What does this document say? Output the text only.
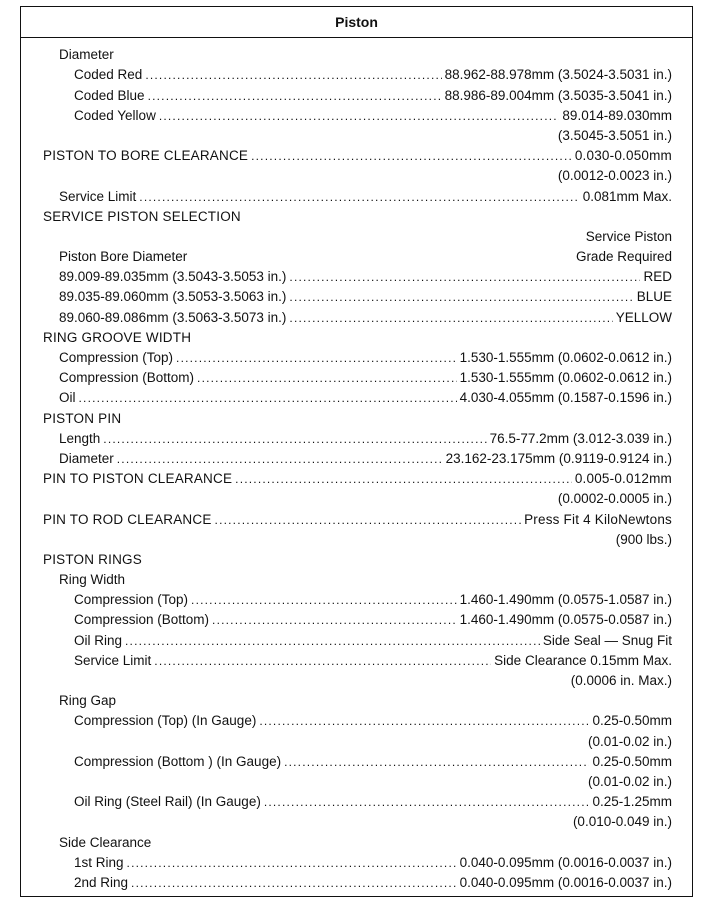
Piston
Diameter
Coded Red .....	88.962-88.978mm (3.5024-3.5031 in.)
Coded Blue .....	88.986-89.004mm (3.5035-3.5041 in.)
Coded Yellow .....	89.014-89.030mm
(3.5045-3.5051 in.)
PISTON TO BORE CLEARANCE .....	0.030-0.050mm
(0.0012-0.0023 in.)
Service Limit .....	0.081mm Max.
SERVICE PISTON SELECTION
Service Piston
Piston Bore Diameter	Grade Required
89.009-89.035mm (3.5043-3.5053 in.) .....	RED
89.035-89.060mm (3.5053-3.5063 in.) .....	BLUE
89.060-89.086mm (3.5063-3.5073 in.) .....	YELLOW
RING GROOVE WIDTH
Compression (Top) .....	1.530-1.555mm (0.0602-0.0612 in.)
Compression (Bottom) .....	1.530-1.555mm (0.0602-0.0612 in.)
Oil .....	4.030-4.055mm (0.1587-0.1596 in.)
PISTON PIN
Length .....	76.5-77.2mm (3.012-3.039 in.)
Diameter .....	23.162-23.175mm (0.9119-0.9124 in.)
PIN TO PISTON CLEARANCE .....	0.005-0.012mm
(0.0002-0.0005 in.)
PIN TO ROD CLEARANCE .....	Press Fit 4 KiloNewtons
(900 lbs.)
PISTON RINGS
Ring Width
Compression (Top) .....	1.460-1.490mm (0.0575-1.0587 in.)
Compression (Bottom) .....	1.460-1.490mm (0.0575-0.0587 in.)
Oil Ring .....	Side Seal — Snug Fit
Service Limit .....	Side Clearance 0.15mm Max.
(0.0006 in. Max.)
Ring Gap
Compression (Top) (In Gauge) .....	0.25-0.50mm
(0.01-0.02 in.)
Compression (Bottom ) (In Gauge) .....	0.25-0.50mm
(0.01-0.02 in.)
Oil Ring (Steel Rail) (In Gauge) .....	0.25-1.25mm
(0.010-0.049 in.)
Side Clearance
1st Ring .....	0.040-0.095mm (0.0016-0.0037 in.)
2nd Ring .....	0.040-0.095mm (0.0016-0.0037 in.)
